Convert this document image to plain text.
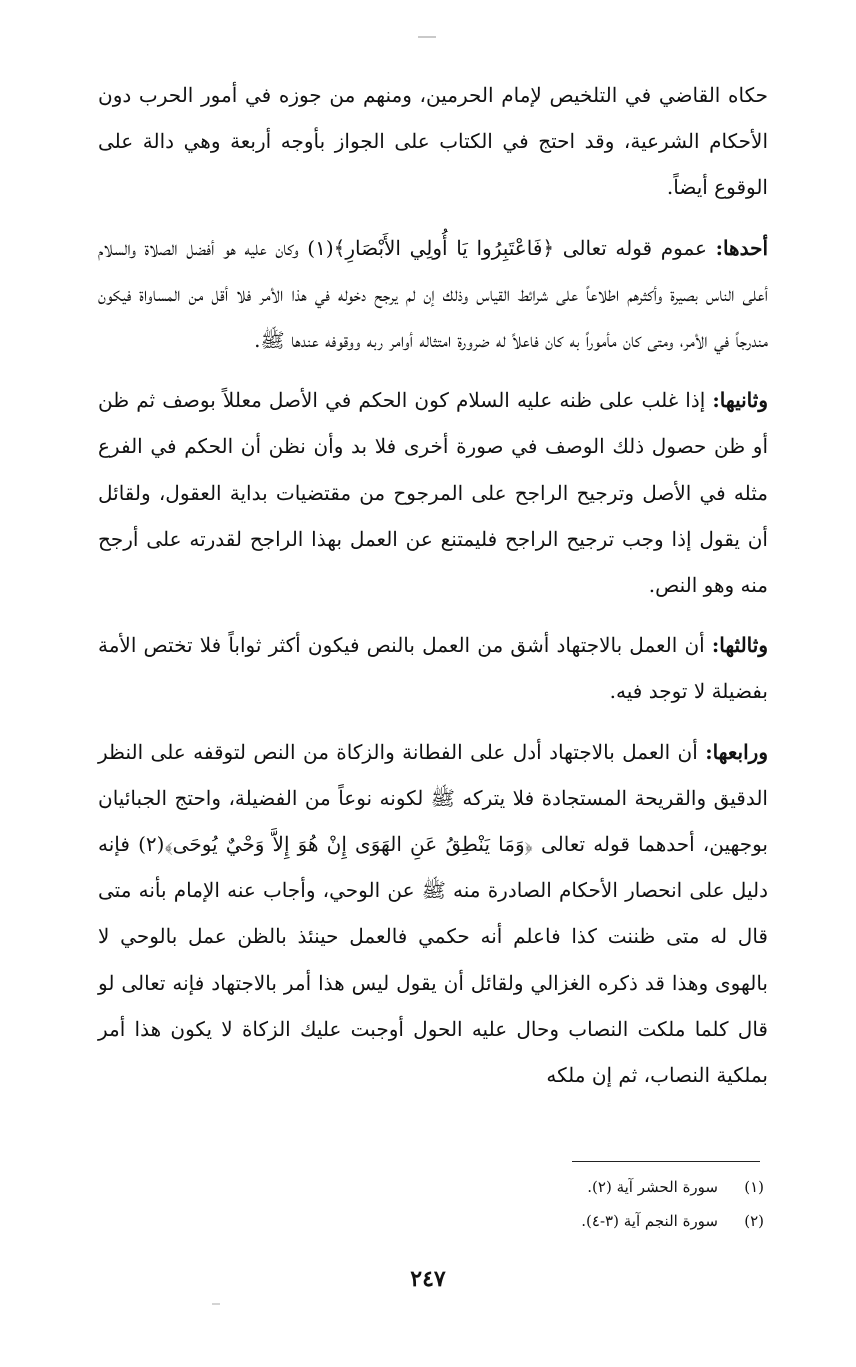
حكاه القاضي في التلخيص لإمام الحرمين، ومنهم من جوزه في أمور الحرب دون الأحكام الشرعية، وقد احتج في الكتاب على الجواز بأوجه أربعة وهي دالة على الوقوع أيضاً.

أحدها: عموم قوله تعالى ﴿فَاعْتَبِرُوا يَا أُولِي الأَبْصَارِ﴾(١) وكان عليه هو أفضل الصلاة والسلام أعلى الناس بصيرة وأكثرهم اطلاعاً على شرائط القياس وذلك إن لم يرجح دخوله في هذا الأمر فلا أقل من المساواة فيكون مندرجاً في الأمر، ومتى كان مأموراً به كان فاعلاً له ضرورة امتثاله أوامر ربه ووقوفه عندها ﷺ.

وثانيها: إذا غلب على ظنه عليه السلام كون الحكم في الأصل معللاً بوصف ثم ظن أو ظن حصول ذلك الوصف في صورة أخرى فلا بد وأن نظن أن الحكم في الفرع مثله في الأصل وترجيح الراجح على المرجوح من مقتضيات بداية العقول، ولقائل أن يقول إذا وجب ترجيح الراجح فليمتنع عن العمل بهذا الراجح لقدرته على أرجح منه وهو النص.

وثالثها: أن العمل بالاجتهاد أشق من العمل بالنص فيكون أكثر ثواباً فلا تختص الأمة بفضيلة لا توجد فيه.

ورابعها: أن العمل بالاجتهاد أدل على الفطانة والزكاة من النص لتوقفه على النظر الدقيق والقريحة المستجادة فلا يتركه ﷺ لكونه نوعاً من الفضيلة، واحتج الجبائيان بوجهين، أحدهما قوله تعالى ﴿وَمَا يَنْطِقُ عَنِ الهَوَى إِنْ هُوَ إِلاَّ وَحْيٌ يُوحَى﴾(٢) فإنه دليل على انحصار الأحكام الصادرة منه ﷺ عن الوحي، وأجاب عنه الإمام بأنه متى قال له متى ظننت كذا فاعلم أنه حكمي فالعمل حينئذ بالظن عمل بالوحي لا بالهوى وهذا قد ذكره الغزالي ولقائل أن يقول ليس هذا أمر بالاجتهاد فإنه تعالى لو قال كلما ملكت النصاب وحال عليه الحول أوجبت عليك الزكاة لا يكون هذا أمر بملكية النصاب، ثم إن ملكه

(١)
سورة الحشر آية (٢).
(٢)
سورة النجم آية (٣-٤).
٢٤٧
